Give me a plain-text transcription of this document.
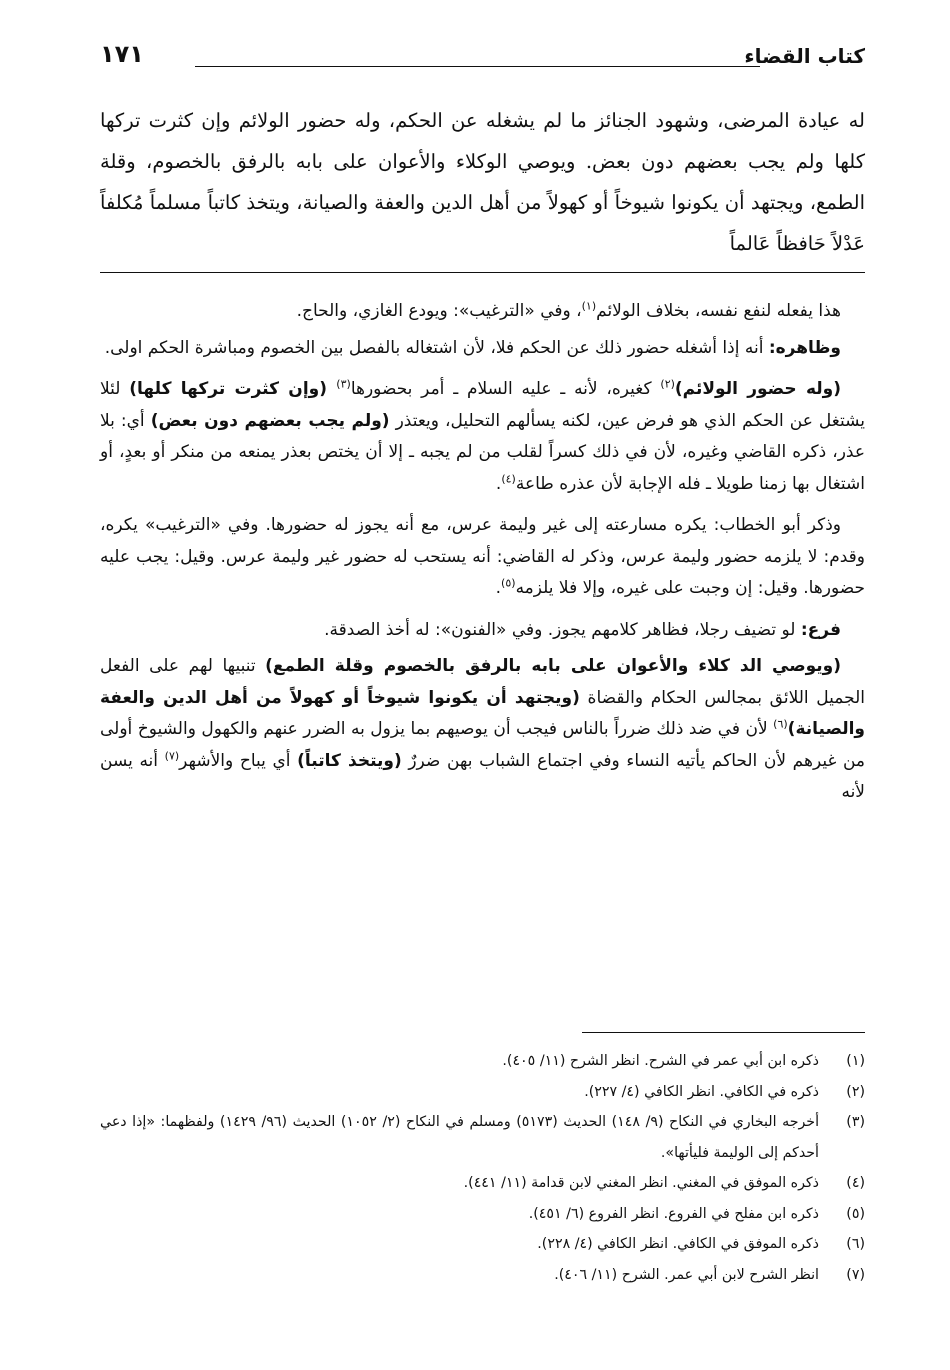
كتاب القضاء
١٧١

له عيادة المرضى، وشهود الجنائز ما لم يشغله عن الحكم، وله حضور الولائم وإن كثرت تركها كلها ولم يجب بعضهم دون بعض. ويوصي الوكلاء والأعوان على بابه بالرفق بالخصوم، وقلة الطمع، ويجتهد أن يكونوا شيوخاً أو كهولاً من أهل الدين والعفة والصيانة، ويتخذ كاتباً مسلماً مُكلفاً عَدْلاً حَافظاً عَالماً

هذا يفعله لنفع نفسه، بخلاف الولائم$^{(١)}$، وفي «الترغيب»: ويودع الغازي، والحاج.

وظاهره: أنه إذا أشغله حضور ذلك عن الحكم فلا، لأن اشتغاله بالفصل بين الخصوم ومباشرة الحكم اولى.

(وله حضور الولائم)$^{(٢)}$ كغيره، لأنه ـ عليه السلام ـ أمر بحضورها$^{(٣)}$ (وإن كثرت تركها كلها) لئلا يشتغل عن الحكم الذي هو فرض عين، لكنه يسألهم التحليل، ويعتذر (ولم يجب بعضهم دون بعض) أي: بلا عذر، ذكره القاضي وغيره، لأن في ذلك كسراً لقلب من لم يجبه ـ إلا أن يختص بعذر يمنعه من منكر أو بعدٍ، أو اشتغال بها زمنا طويلا ـ فله الإجابة لأن عذره طاعة$^{(٤)}$.

وذكر أبو الخطاب: يكره مسارعته إلى غير وليمة عرس، مع أنه يجوز له حضورها. وفي «الترغيب» يكره، وقدم: لا يلزمه حضور وليمة عرس، وذكر له القاضي: أنه يستحب له حضور غير وليمة عرس. وقيل: يجب عليه حضورها. وقيل: إن وجبت على غيره، وإلا فلا يلزمه$^{(٥)}$.

فرع: لو تضيف رجلا، فظاهر كلامهم يجوز. وفي «الفنون»: له أخذ الصدقة.

(ويوصي الد كلاء والأعوان على بابه بالرفق بالخصوم وقلة الطمع) تنبيها لهم على الفعل الجميل اللائق بمجالس الحكام والقضاة (ويجتهد أن يكونوا شيوخاً أو كهولاً من أهل الدين والعفة والصيانة)$^{(٦)}$ لأن في ضد ذلك ضرراً بالناس فيجب أن يوصيهم بما يزول به الضرر عنهم والكهول والشيوخ أولى من غيرهم لأن الحاكم يأتيه النساء وفي اجتماع الشباب بهن ضررٌ (ويتخذ كاتباً) أي يباح والأشهر$^{(٧)}$ أنه يسن لأنه

(١)
ذكره ابن أبي عمر في الشرح. انظر الشرح (١١/ ٤٠٥).
(٢)
ذكره في الكافي. انظر الكافي (٤/ ٢٢٧).
(٣)
أخرجه البخاري في النكاح (٩/ ١٤٨) الحديث (٥١٧٣) ومسلم في النكاح (٢/ ١٠٥٢) الحديث (٩٦/ ١٤٢٩) ولفظهما: «إذا دعي أحدكم إلى الوليمة فليأتها».
(٤)
ذكره الموفق في المغني. انظر المغني لابن قدامة (١١/ ٤٤١).
(٥)
ذكره ابن مفلح في الفروع. انظر الفروع (٦/ ٤٥١).
(٦)
ذكره الموفق في الكافي. انظر الكافي (٤/ ٢٢٨).
(٧)
انظر الشرح لابن أبي عمر. الشرح (١١/ ٤٠٦).
